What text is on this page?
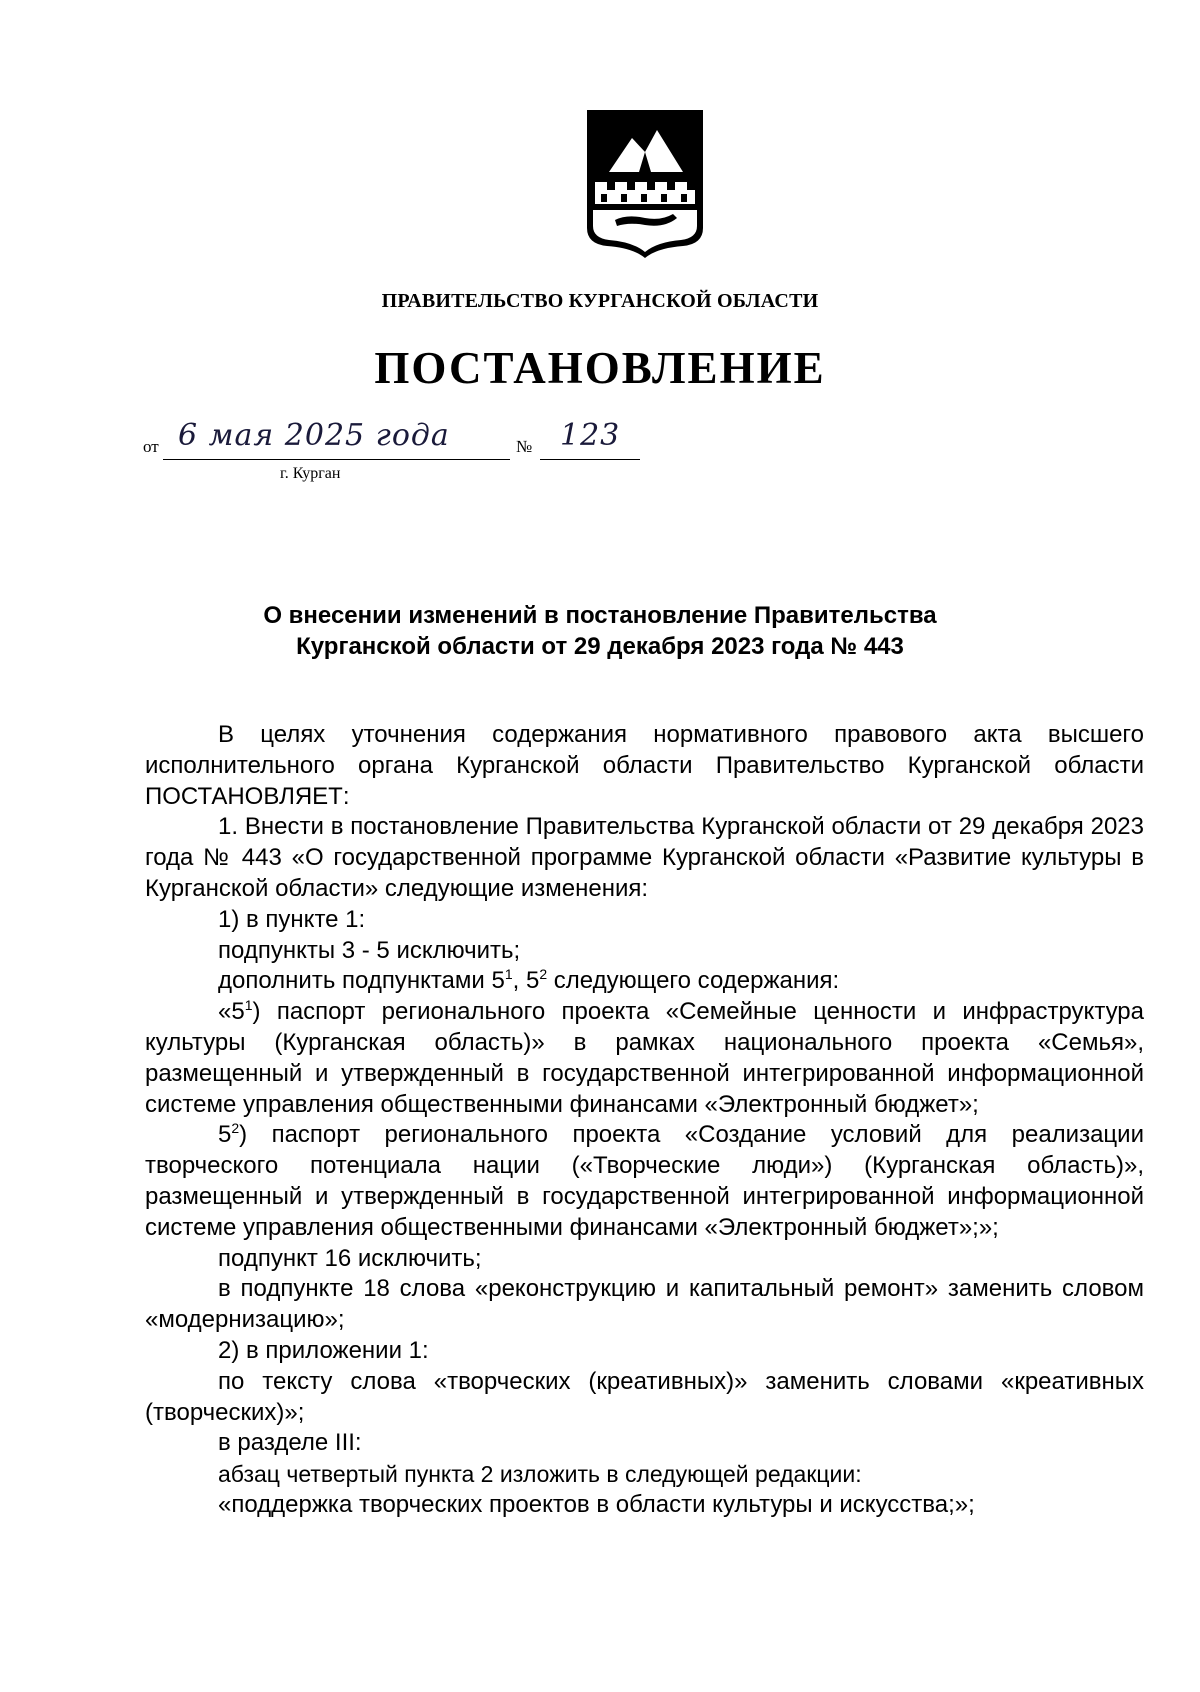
ПРАВИТЕЛЬСТВО КУРГАНСКОЙ ОБЛАСТИ
ПОСТАНОВЛЕНИЕ
от 6 мая 2025 года	№ 123
г. Курган
О внесении изменений в постановление Правительства
Курганской области от 29 декабря 2023 года № 443

В целях уточнения содержания нормативного правового акта высшего исполнительного органа Курганской области Правительство Курганской области ПОСТАНОВЛЯЕТ:

1. Внести в постановление Правительства Курганской области от 29 декабря 2023 года № 443 «О государственной программе Курганской области «Развитие культуры в Курганской области» следующие изменения:

1) в пункте 1:

подпункты 3 - 5 исключить;

дополнить подпунктами $5^1$, $5^2$ следующего содержания:

«$5^1$) паспорт регионального проекта «Семейные ценности и инфраструктура культуры (Курганская область)» в рамках национального проекта «Семья», размещенный и утвержденный в государственной интегрированной информационной системе управления общественными финансами «Электронный бюджет»;

$5^2$) паспорт регионального проекта «Создание условий для реализации творческого потенциала нации («Творческие люди») (Курганская область)», размещенный и утвержденный в государственной интегрированной информационной системе управления общественными финансами «Электронный бюджет»;»;

подпункт 16 исключить;

в подпункте 18 слова «реконструкцию и капитальный ремонт» заменить словом «модернизацию»;

2) в приложении 1:

по тексту слова «творческих (креативных)» заменить словами «креативных (творческих)»;

в разделе III:

абзац четвертый пункта 2 изложить в следующей редакции:

«поддержка творческих проектов в области культуры и искусства;»;
